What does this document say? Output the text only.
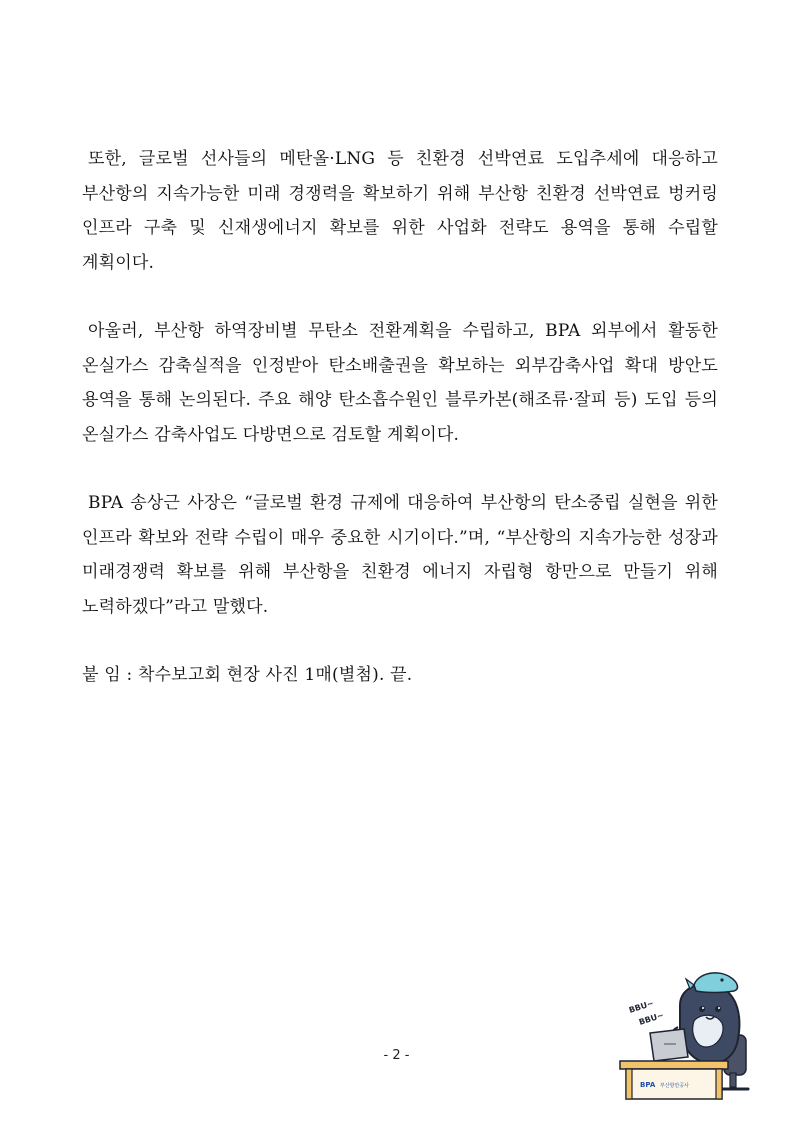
또한, 글로벌 선사들의 메탄올·LNG 등 친환경 선박연료 도입추세에 대응하고 부산항의 지속가능한 미래 경쟁력을 확보하기 위해 부산항 친환경 선박연료 벙커링 인프라 구축 및 신재생에너지 확보를 위한 사업화 전략도 용역을 통해 수립할 계획이다.

아울러, 부산항 하역장비별 무탄소 전환계획을 수립하고, BPA 외부에서 활동한 온실가스 감축실적을 인정받아 탄소배출권을 확보하는 외부감축사업 확대 방안도 용역을 통해 논의된다. 주요 해양 탄소흡수원인 블루카본(해조류·잘피 등) 도입 등의 온실가스 감축사업도 다방면으로 검토할 계획이다.

BPA 송상근 사장은 “글로벌 환경 규제에 대응하여 부산항의 탄소중립 실현을 위한 인프라 확보와 전략 수립이 매우 중요한 시기이다.”며, “부산항의 지속가능한 성장과 미래경쟁력 확보를 위해 부산항을 친환경 에너지 자립형 항만으로 만들기 위해 노력하겠다”라고 말했다.

붙 임 : 착수보고회 현장 사진 1매(별첨). 끝.

- 2 -
BBU~
BBU~
BPA 부산항만공사
